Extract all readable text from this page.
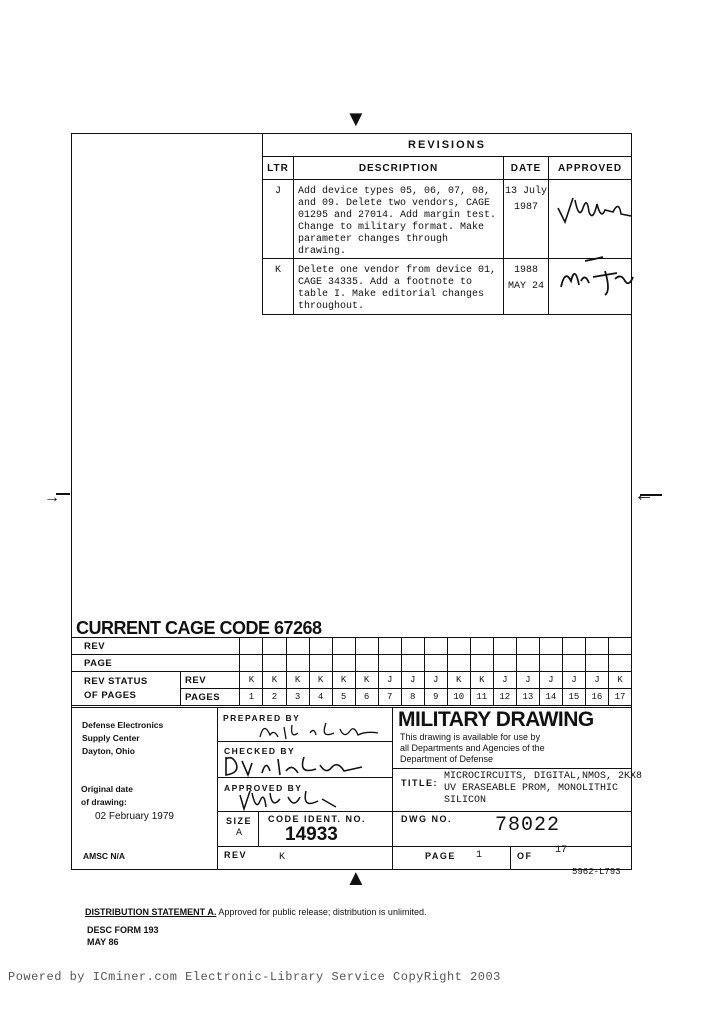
▼
▲
→	←
REVISIONS			
LTR	DESCRIPTION	DATE	APPROVED
J	Add device types 05, 06, 07, 08, and 09. Delete two vendors, CAGE 01295 and 27014. Add margin test. Change to military format. Make parameter changes through drawing.	13 July
1987

K	Delete one vendor from device 01, CAGE 34335. Add a footnote to table I. Make editorial changes throughout.	1988
MAY 24

CURRENT CAGE CODE 67268
REV																		
PAGE																		

REV STATUS
OF PAGES	REV	K	K	K	K	K	K	J	J	J	K	K	J	J	J	J	J	K
	PAGES	1	2	3	4	5	6	7	8	9	10	11	12	13	14	15	16	17
Defense Electronics
Supply Center
Dayton, Ohio
Original date
of drawing:
02 February 1979
AMSC N/A
PREPARED BY
CHECKED BY
APPROVED BY
MILITARY DRAWING
This drawing is available for use by
all Departments and Agencies of the
Department of Defense
TITLE:
MICROCIRCUITS, DIGITAL,NMOS, 2KX8
UV ERASEABLE PROM, MONOLITHIC
SILICON
SIZE
A
CODE IDENT. NO.
14933
DWG NO. 78022
REV	K	PAGE 1	OF 17
5962-L793
DISTRIBUTION STATEMENT A. Approved for public release; distribution is unlimited.
DESC FORM 193
MAY 86
Powered by ICminer.com Electronic-Library Service CopyRight 2003
